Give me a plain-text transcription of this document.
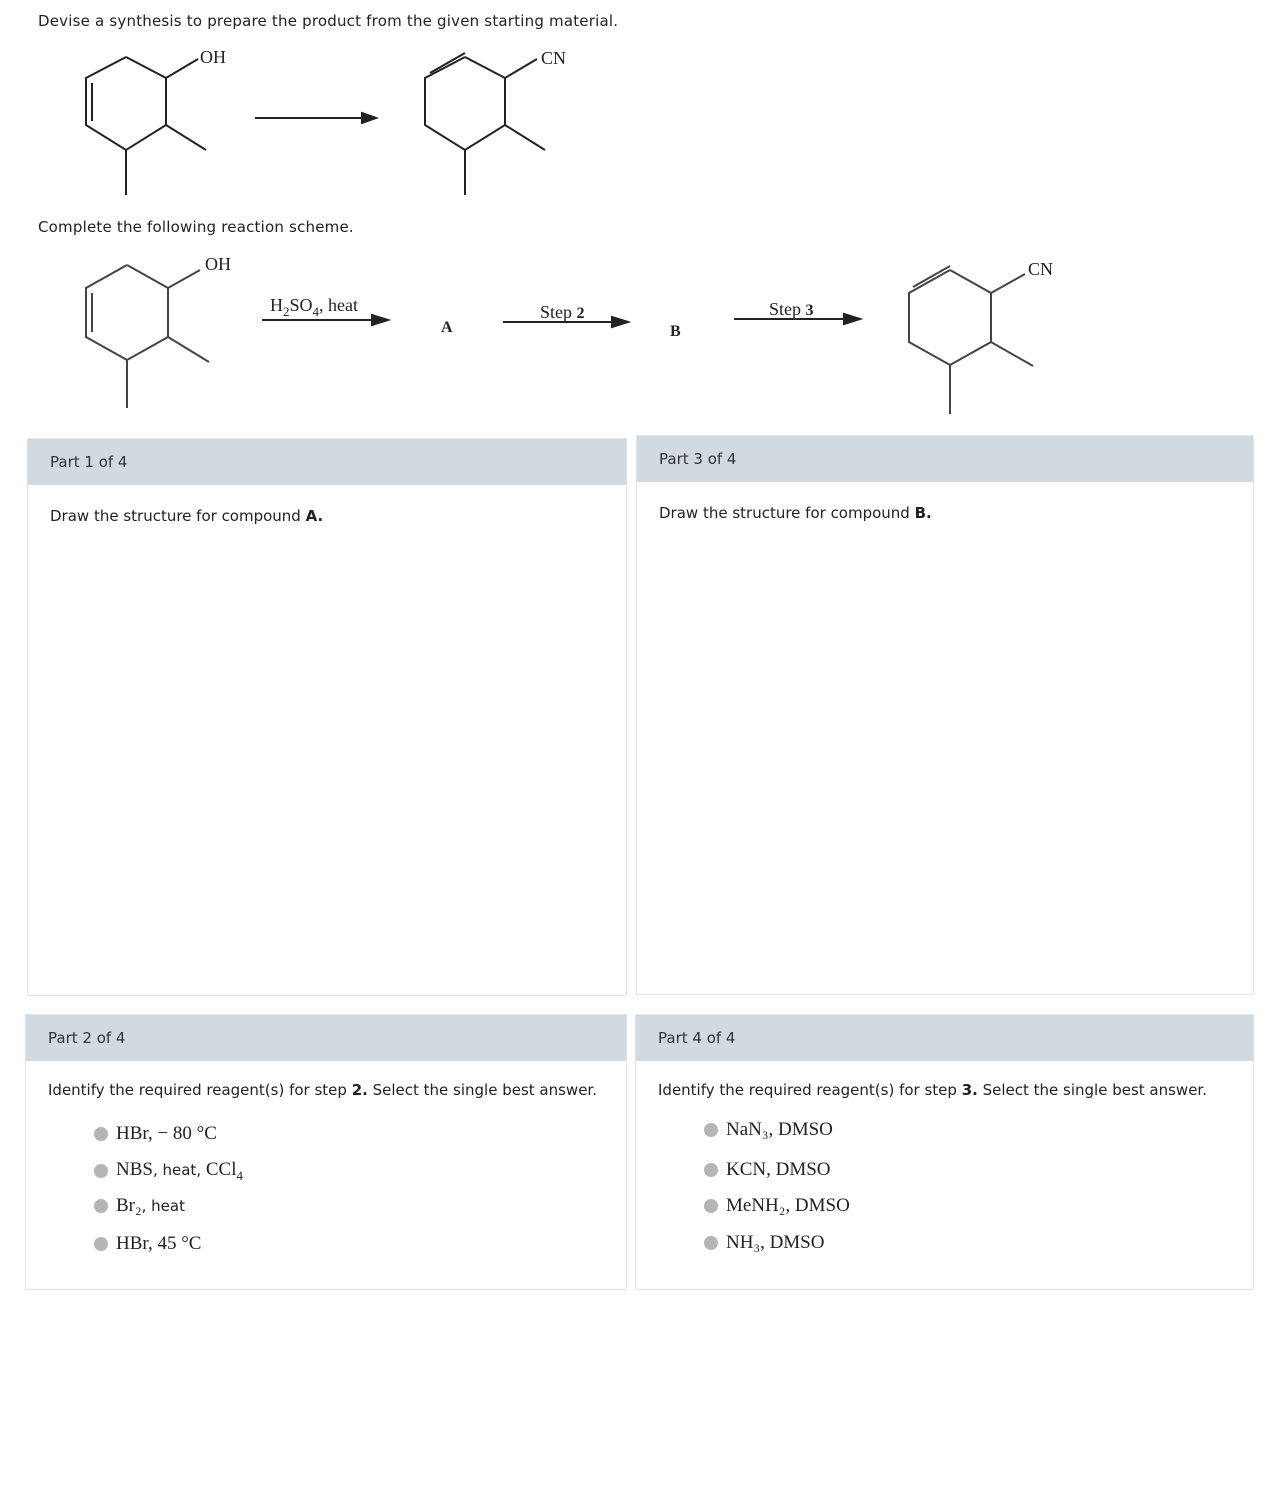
Devise a synthesis to prepare the product from the given starting material.
OH	CN
Complete the following reaction scheme.
OH
$H_2SO_4$, heat
A
Step 2
B
Step 3
CN
Part 1 of 4
Draw the structure for compound A.
Part 3 of 4
Draw the structure for compound B.
Part 2 of 4
Identify the required reagent(s) for step 2. Select the single best answer.
HBr, − 80 °C
NBS, heat, CCl$_4$
Br₂, heat
HBr, 45 °C
Part 4 of 4
Identify the required reagent(s) for step 3. Select the single best answer.
NaN₃, DMSO
KCN, DMSO
MeNH₂, DMSO
NH₃, DMSO
